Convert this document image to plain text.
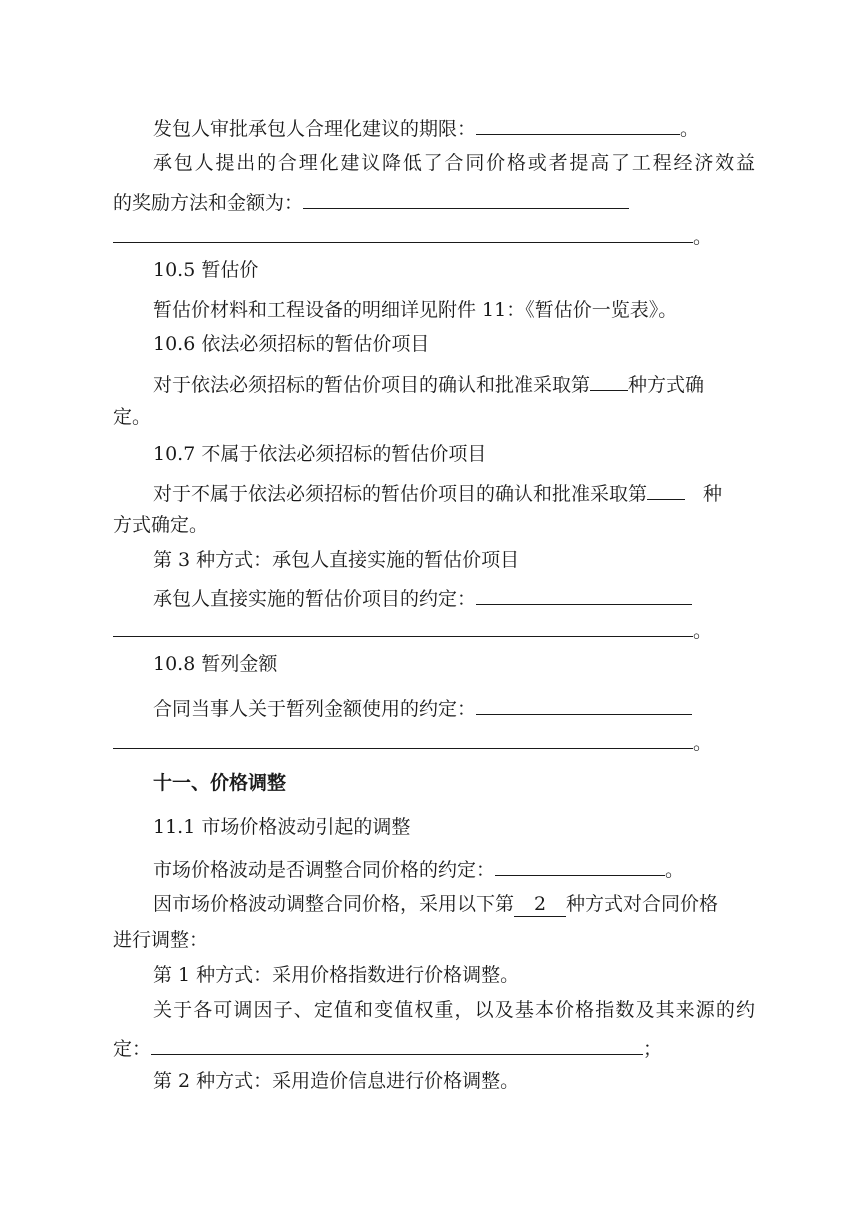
发包人审批承包人合理化建议的期限：	。
承包人提出的合理化建议降低了合同价格或者提高了工程经济效益
的奖励方法和金额为：
。
10.5 暂估价
暂估价材料和工程设备的明细详见附件 11：《暂估价一览表》。
10.6 依法必须招标的暂估价项目
对于依法必须招标的暂估价项目的确认和批准采取第 种方式确
定。
10.7 不属于依法必须招标的暂估价项目
对于不属于依法必须招标的暂估价项目的确认和批准采取第	种
方式确定。
第 3 种方式：承包人直接实施的暂估价项目
承包人直接实施的暂估价项目的约定：
。
10.8 暂列金额
合同当事人关于暂列金额使用的约定：
。
十一、价格调整
11.1 市场价格波动引起的调整
市场价格波动是否调整合同价格的约定：	。
因市场价格波动调整合同价格，采用以下第 2 种方式对合同价格
进行调整：
第 1 种方式：采用价格指数进行价格调整。
关于各可调因子、定值和变值权重，以及基本价格指数及其来源的约
定：	；
第 2 种方式：采用造价信息进行价格调整。
